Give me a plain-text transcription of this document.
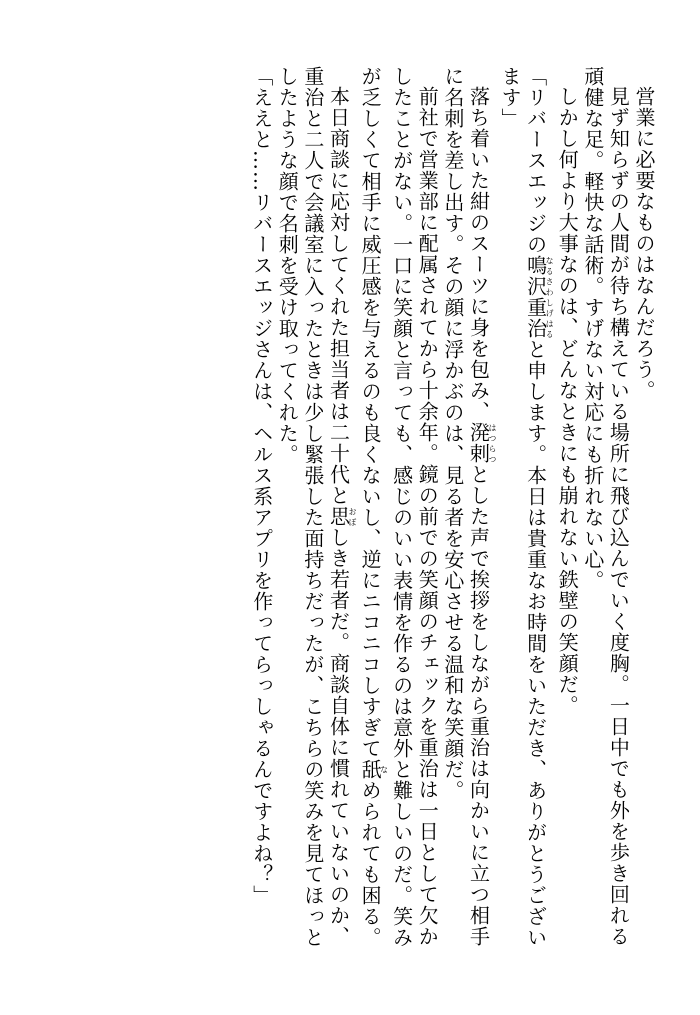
営業に必要なものはなんだろう。
見ず知らずの人間が待ち構えている場所に飛び込んでいく度胸。一日中でも外を歩き回れる
頑健な足。軽快な話術。すげない対応にも折れない心。
しかし何より大事なのは、どんなときにも崩れない鉄壁の笑顔だ。
「リバースエッジの鳴沢なるさわ重治しげはると申します。本日は貴重なお時間をいただき、ありがとうござい
ます」
落ち着いた紺のスーツに身を包み、溌剌はつらつとした声で挨拶をしながら重治は向かいに立つ相手
に名刺を差し出す。その顔に浮かぶのは、見る者を安心させる温和な笑顔だ。
前社で営業部に配属されてから十余年。鏡の前での笑顔のチェックを重治は一日として欠か
したことがない。一口に笑顔と言っても、感じのいい表情を作るのは意外と難しいのだ。笑み
が乏しくて相手に威圧感を与えるのも良くないし、逆にニコニコしすぎて舐なめられても困る。
本日商談に応対してくれた担当者は二十代と思おぼしき若者だ。商談自体に慣れていないのか、
重治と二人で会議室に入ったときは少し緊張した面持ちだったが、こちらの笑みを見てほっと
したような顔で名刺を受け取ってくれた。
「ええと……リバースエッジさんは、ヘルス系アプリを作ってらっしゃるんですよね？」
